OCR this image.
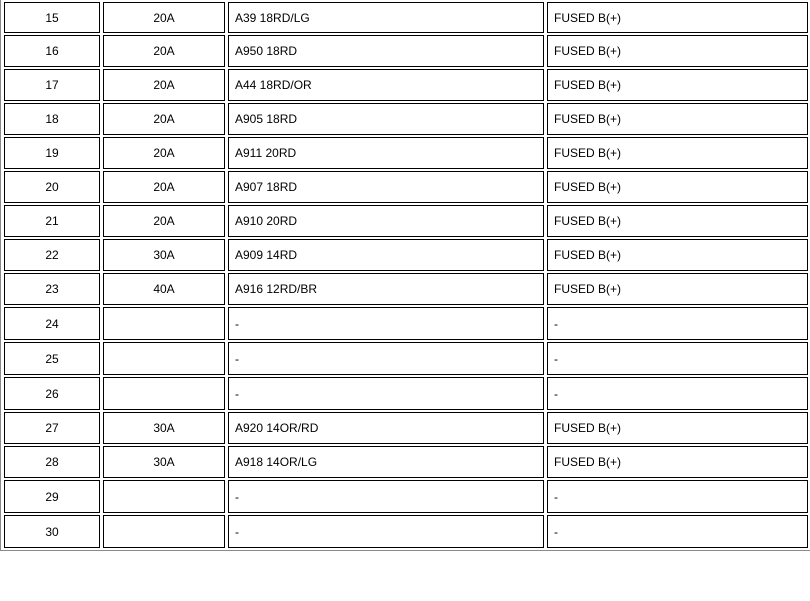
15	20A	A39 18RD/LG	FUSED B(+)
16	20A	A950 18RD	FUSED B(+)
17	20A	A44 18RD/OR	FUSED B(+)
18	20A	A905 18RD	FUSED B(+)
19	20A	A911 20RD	FUSED B(+)
20	20A	A907 18RD	FUSED B(+)
21	20A	A910 20RD	FUSED B(+)
22	30A	A909 14RD	FUSED B(+)
23	40A	A916 12RD/BR	FUSED B(+)
24		-	-
25		-	-
26		-	-
27	30A	A920 14OR/RD	FUSED B(+)
28	30A	A918 14OR/LG	FUSED B(+)
29		-	-
30		-	-
